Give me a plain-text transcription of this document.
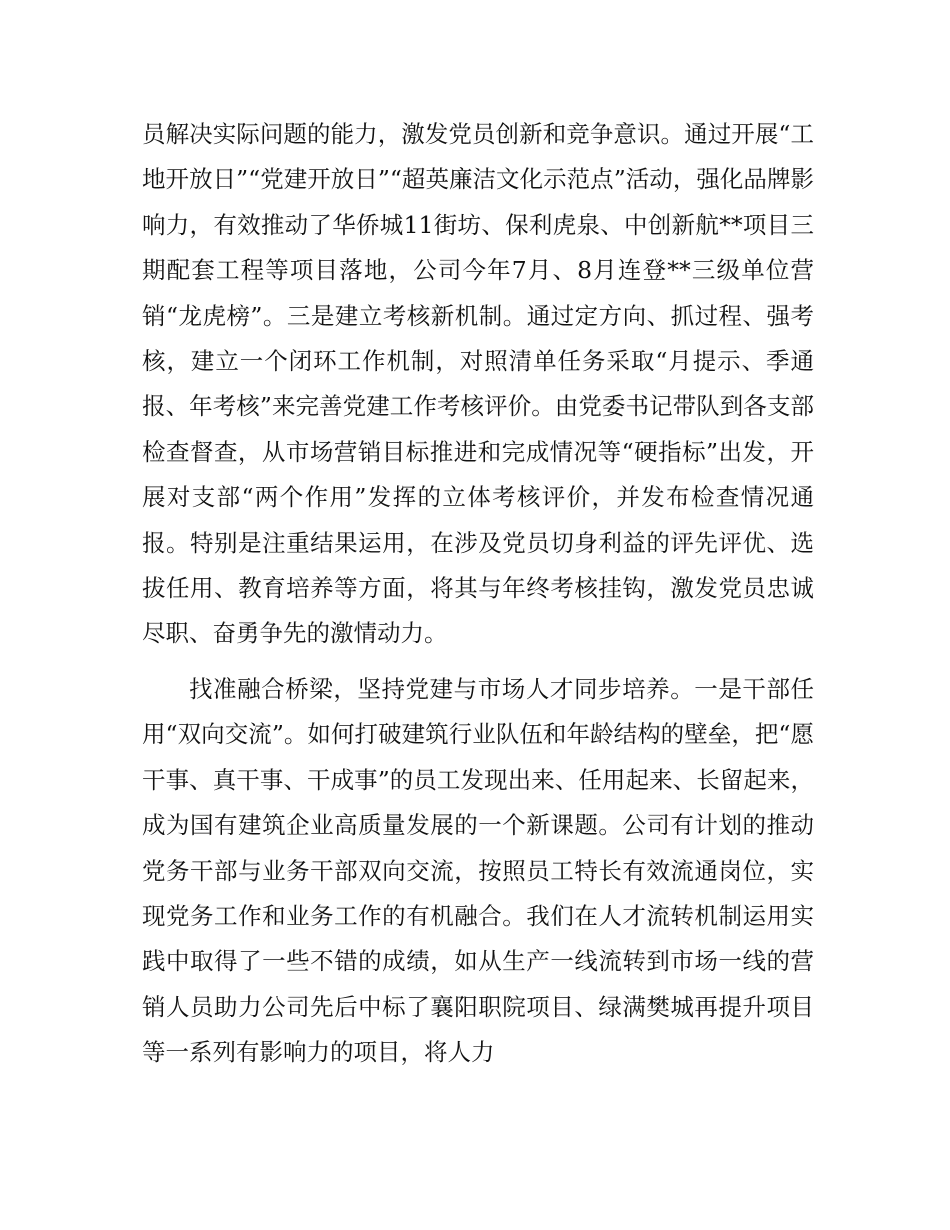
员解决实际问题的能力，激发党员创新和竞争意识。通过开展“工地开放日”“党建开放日”“超英廉洁文化示范点”活动，强化品牌影响力，有效推动了华侨城11街坊、保利虎泉、中创新航**项目三期配套工程等项目落地，公司今年7月、8月连登**三级单位营销“龙虎榜”。三是建立考核新机制。通过定方向、抓过程、强考核，建立一个闭环工作机制，对照清单任务采取“月提示、季通报、年考核”来完善党建工作考核评价。由党委书记带队到各支部检查督查，从市场营销目标推进和完成情况等“硬指标”出发，开展对支部“两个作用”发挥的立体考核评价，并发布检查情况通报。特别是注重结果运用，在涉及党员切身利益的评先评优、选拔任用、教育培养等方面，将其与年终考核挂钩，激发党员忠诚尽职、奋勇争先的激情动力。

找准融合桥梁，坚持党建与市场人才同步培养。一是干部任用“双向交流”。如何打破建筑行业队伍和年龄结构的壁垒，把“愿干事、真干事、干成事”的员工发现出来、任用起来、长留起来，成为国有建筑企业高质量发展的一个新课题。公司有计划的推动党务干部与业务干部双向交流，按照员工特长有效流通岗位，实现党务工作和业务工作的有机融合。我们在人才流转机制运用实践中取得了一些不错的成绩，如从生产一线流转到市场一线的营销人员助力公司先后中标了襄阳职院项目、绿满樊城再提升项目等一系列有影响力的项目，将人力
